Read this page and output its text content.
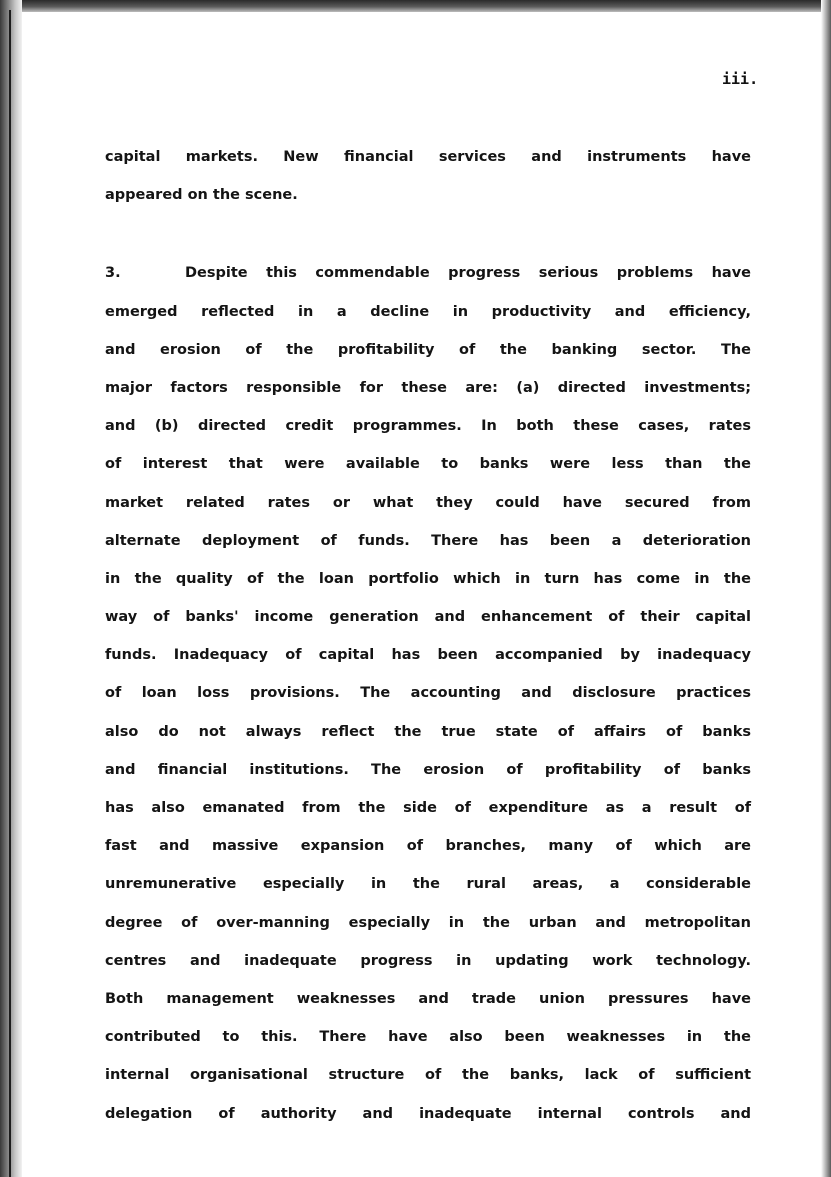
iii.
capital markets. New financial services and instruments have
appeared on the scene.
3.	Despite this commendable progress serious problems have
emerged reflected in a decline in productivity and efficiency,
and erosion of the profitability of the banking sector. The
major factors responsible for these are: (a) directed investments;
and (b) directed credit programmes. In both these cases, rates
of interest that were available to banks were less than the
market related rates or what they could have secured from
alternate deployment of funds. There has been a deterioration
in the quality of the loan portfolio which in turn has come in the
way of banks' income generation and enhancement of their capital
funds. Inadequacy of capital has been accompanied by inadequacy
of loan loss provisions. The accounting and disclosure practices
also do not always reflect the true state of affairs of banks
and financial institutions. The erosion of profitability of banks
has also emanated from the side of expenditure as a result of
fast and massive expansion of branches, many of which are
unremunerative especially in the rural areas, a considerable
degree of over-manning especially in the urban and metropolitan
centres and inadequate progress in updating work technology.
Both management weaknesses and trade union pressures have
contributed to this. There have also been weaknesses in the
internal organisational structure of the banks, lack of sufficient
delegation of authority and inadequate internal controls and
